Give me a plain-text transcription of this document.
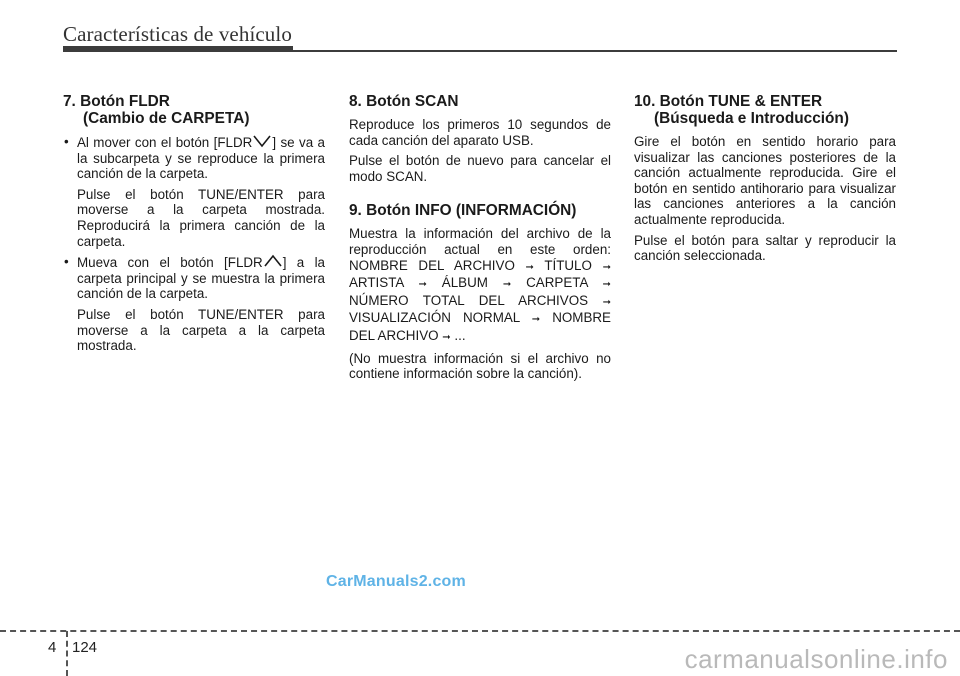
Características de vehículo
7. Botón FLDR
(Cambio de CARPETA)
• Al mover con el botón [FLDR ] se va a la subcarpeta y se reproduce la primera canción de la carpeta.
Pulse el botón TUNE/ENTER para moverse a la carpeta mostrada. Reproducirá la primera canción de la carpeta.
• Mueva con el botón [FLDR ] a la carpeta principal y se muestra la primera canción de la carpeta.
Pulse el botón TUNE/ENTER para moverse a la carpeta a la carpeta mostrada.
8. Botón SCAN

Reproduce los primeros 10 segundos de cada canción del aparato USB.

Pulse el botón de nuevo para cancelar el modo SCAN.

9. Botón INFO (INFORMACIÓN)

Muestra la información del archivo de la reproducción actual en este orden: NOMBRE DEL ARCHIVO ➞ TÍTULO ➞ ARTISTA ➞ ÁLBUM ➞ CARPETA ➞ NÚMERO TOTAL DEL ARCHIVOS ➞ VISUALIZACIÓN NORMAL ➞ NOMBRE DEL ARCHIVO ➞ ...

(No muestra información si el archivo no contiene información sobre la canción).

10. Botón TUNE & ENTER
(Búsqueda e Introducción)

Gire el botón en sentido horario para visualizar las canciones posteriores de la canción actualmente reproducida. Gire el botón en sentido antihorario para visualizar las canciones anteriores a la canción actualmente reproducida.

Pulse el botón para saltar y reproducir la canción seleccionada.

CarManuals2.com
4 124	carmanualsonline.info
